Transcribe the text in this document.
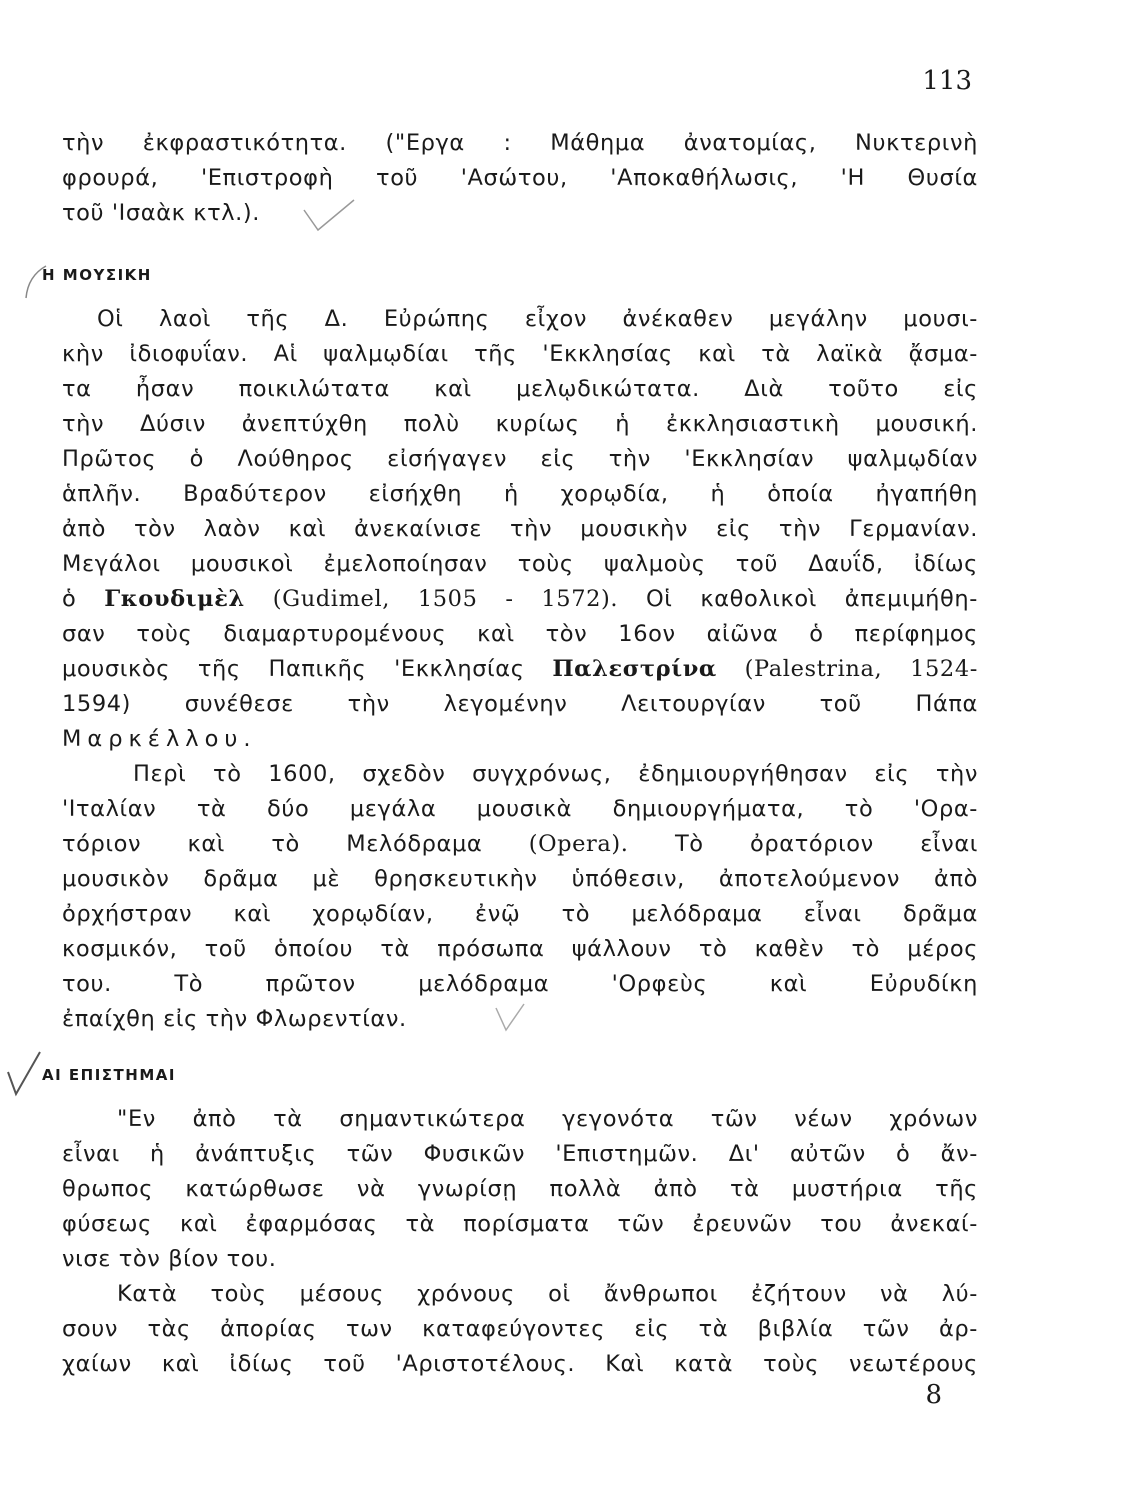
113
τὴν ἐκφραστικότητα. ("Εργα : Μάθημα ἀνατομίας, Νυκτερινὴ
φρουρά, 'Επιστροφὴ τοῦ 'Ασώτου, 'Αποκαθήλωσις, 'Η Θυσία
τοῦ 'Ισαὰκ κτλ.).
Η ΜΟΥΣΙΚΗ
Οἱ λαοὶ τῆς Δ. Εὐρώπης εἶχον ἀνέκαθεν μεγάλην μουσι-
κὴν ἰδιοφυΐαν. Αἱ ψαλμῳδίαι τῆς 'Εκκλησίας καὶ τὰ λαϊκὰ ᾄσμα-
τα ἦσαν ποικιλώτατα καὶ μελῳδικώτατα. Διὰ τοῦτο εἰς
τὴν Δύσιν ἀνεπτύχθη πολὺ κυρίως ἡ ἐκκλησιαστικὴ μουσική.
Πρῶτος ὁ Λούθηρος εἰσήγαγεν εἰς τὴν 'Εκκλησίαν ψαλμῳδίαν
ἁπλῆν. Βραδύτερον εἰσήχθη ἡ χορῳδία, ἡ ὁποία ἠγαπήθη
ἀπὸ τὸν λαὸν καὶ ἀνεκαίνισε τὴν μουσικὴν εἰς τὴν Γερμανίαν.
Μεγάλοι μουσικοὶ ἐμελοποίησαν τοὺς ψαλμοὺς τοῦ Δαυΐδ, ἰδίως
ὁ Γκουδιμὲλ (Gudimel, 1505 - 1572). Οἱ καθολικοὶ ἀπεμιμήθη-
σαν τοὺς διαμαρτυρομένους καὶ τὸν 16ον αἰῶνα ὁ περίφημος
μουσικὸς τῆς Παπικῆς 'Εκκλησίας Παλεστρίνα (Palestrina, 1524-
1594) συνέθεσε τὴν λεγομένην Λειτουργίαν τοῦ Πάπα
Μαρκέλλου.
Περὶ τὸ 1600, σχεδὸν συγχρόνως, ἐδημιουργήθησαν εἰς τὴν
'Ιταλίαν τὰ δύο μεγάλα μουσικὰ δημιουργήματα, τὸ 'Ορα-
τόριον καὶ τὸ Μελόδραμα (Opera). Τὸ ὀρατόριον εἶναι
μουσικὸν δρᾶμα μὲ θρησκευτικὴν ὑπόθεσιν, ἀποτελούμενον ἀπὸ
ὀρχήστραν καὶ χορῳδίαν, ἐνῷ τὸ μελόδραμα εἶναι δρᾶμα
κοσμικόν, τοῦ ὁποίου τὰ πρόσωπα ψάλλουν τὸ καθὲν τὸ μέρος
του. Τὸ πρῶτον μελόδραμα 'Ορφεὺς καὶ Εὐρυδίκη
ἐπαίχθη εἰς τὴν Φλωρεντίαν.
ΑΙ ΕΠΙΣΤΗΜΑΙ
"Εν ἀπὸ τὰ σημαντικώτερα γεγονότα τῶν νέων χρόνων
εἶναι ἡ ἀνάπτυξις τῶν Φυσικῶν 'Επιστημῶν. Δι' αὐτῶν ὁ ἄν-
θρωπος κατώρθωσε νὰ γνωρίσῃ πολλὰ ἀπὸ τὰ μυστήρια τῆς
φύσεως καὶ ἐφαρμόσας τὰ πορίσματα τῶν ἐρευνῶν του ἀνεκαί-
νισε τὸν βίον του.
Κατὰ τοὺς μέσους χρόνους οἱ ἄνθρωποι ἐζήτουν νὰ λύ-
σουν τὰς ἀπορίας των καταφεύγοντες εἰς τὰ βιβλία τῶν ἀρ-
χαίων καὶ ἰδίως τοῦ 'Αριστοτέλους. Καὶ κατὰ τοὺς νεωτέρους
8
